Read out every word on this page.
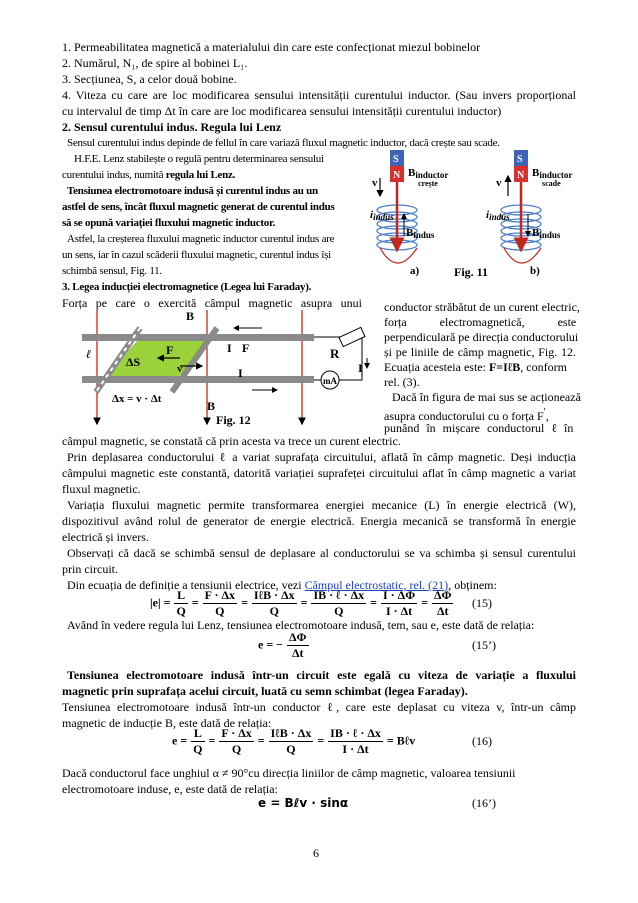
1. Permeabilitatea magnetică a materialului din care este confecționat miezul bobinelor
2. Numărul, N₁, de spire al bobinei L₁.
3. Secțiunea, S, a celor două bobine.
4. Viteza cu care are loc modificarea sensului intensității curentului inductor. (Sau invers proporțional
cu intervalul de timp Δt în care are loc modificarea sensului intensității curentului inductor)
2. Sensul curentului indus. Regula lui Lenz
Sensul curentului indus depinde de fellul în care variază fluxul magnetic inductor, dacă crește sau scade.
H.F.E. Lenz stabilește o regulă pentru determinarea sensului
curentului indus, numită regula lui Lenz.
Tensiunea electromotoare indusă și curentul indus au un
astfel de sens, încât fluxul magnetic generat de curentul indus
să se opună variației fluxului magnetic inductor.
Astfel, la creșterea fluxului magnetic inductor curentul indus are
un sens, iar în cazul scăderii fluxului magnetic, curentul indus își
schimbă sensul, Fig. 11.
3. Legea inducției electromagnetice (Legea lui Faraday).
Forța pe care o exercită câmpul magnetic asupra unui
S
N
v
Binductor
crește
iindus
Bindus
a)	Fig. 11
S
N
v
Binductor
scade
iindus
Bindus
b)
mA
B
B
F	I F
I	I
R
v
ΔS
ℓ
Δx = v · Δt
Fig. 12
conductor străbătut de un curent electric,
forța electromagnetică, este
perpendiculară pe direcția conductorului
și pe liniile de câmp magnetic, Fig. 12.
Ecuația acesteia este: F=IℓB, conform
rel. (3).
Dacă în figura de mai sus se acționează
asupra conductorului cu o forța $F^ʹ$,
punând în mișcare conductorul ℓ în
câmpul magnetic, se constată că prin acesta va trece un curent electric.
Prin deplasarea conductorului ℓ a variat suprafața circuitului, aflată în câmp magnetic. Deși inducția
câmpului magnetic este constantă, datorită variației suprafeței circuitului aflat în câmp magnetic a variat
fluxul magnetic.
Variația fluxului magnetic permite transformarea energiei mecanice (L) în energie electrică (W),
dispozitivul având rolul de generator de energie electrică. Energia mecanică se transformă în energie
electrică și invers.
Observați că dacă se schimbă sensul de deplasare al conductorului se va schimba și sensul curentului
prin circuit.
Din ecuația de definiție a tensiunii electrice, vezi Câmpul electrostatic, rel. (21), obținem:
$|e| = \frac{L}{Q} = \frac{F \cdot \Delta x}{Q} = \frac{\text{IℓB · Δx}}{Q} = \frac{\text{IB · ℓ · Δx}}{Q} = \frac{I \cdot \Delta\Phi}{I \cdot \Delta t} = \frac{\Delta\Phi}{\Delta t} (15)$
Având în vedere regula lui Lenz, tensiunea electromotoare indusă, tem, sau e, este dată de relația:
e = − $\frac{\Delta\Phi}{\Delta t}$	(15’)
Tensiunea electromotoare indusă într-un circuit este egală cu viteza de variație a fluxului
magnetic prin suprafața acelui circuit, luată cu semn schimbat (legea Faraday).
Tensiunea electromotoare indusă într-un conductor ℓ, care este deplasat cu viteza v, într-un câmp
magnetic de inducție B, este dată de relația:
$e = \frac{L}{Q} = \frac{F \cdot \Delta x}{Q} = \frac{\text{IℓB · Δx}}{Q} = \frac{\text{IB · ℓ · Δx}}{I \cdot \Delta t}$ = Bℓv	(16)
Dacă conductorul face unghiul α ≠ 90°cu direcția liniilor de câmp magnetic, valoarea tensiunii
electromotoare induse, e, este dată de relația:
e = Bℓv · sinα	(16’)
6
